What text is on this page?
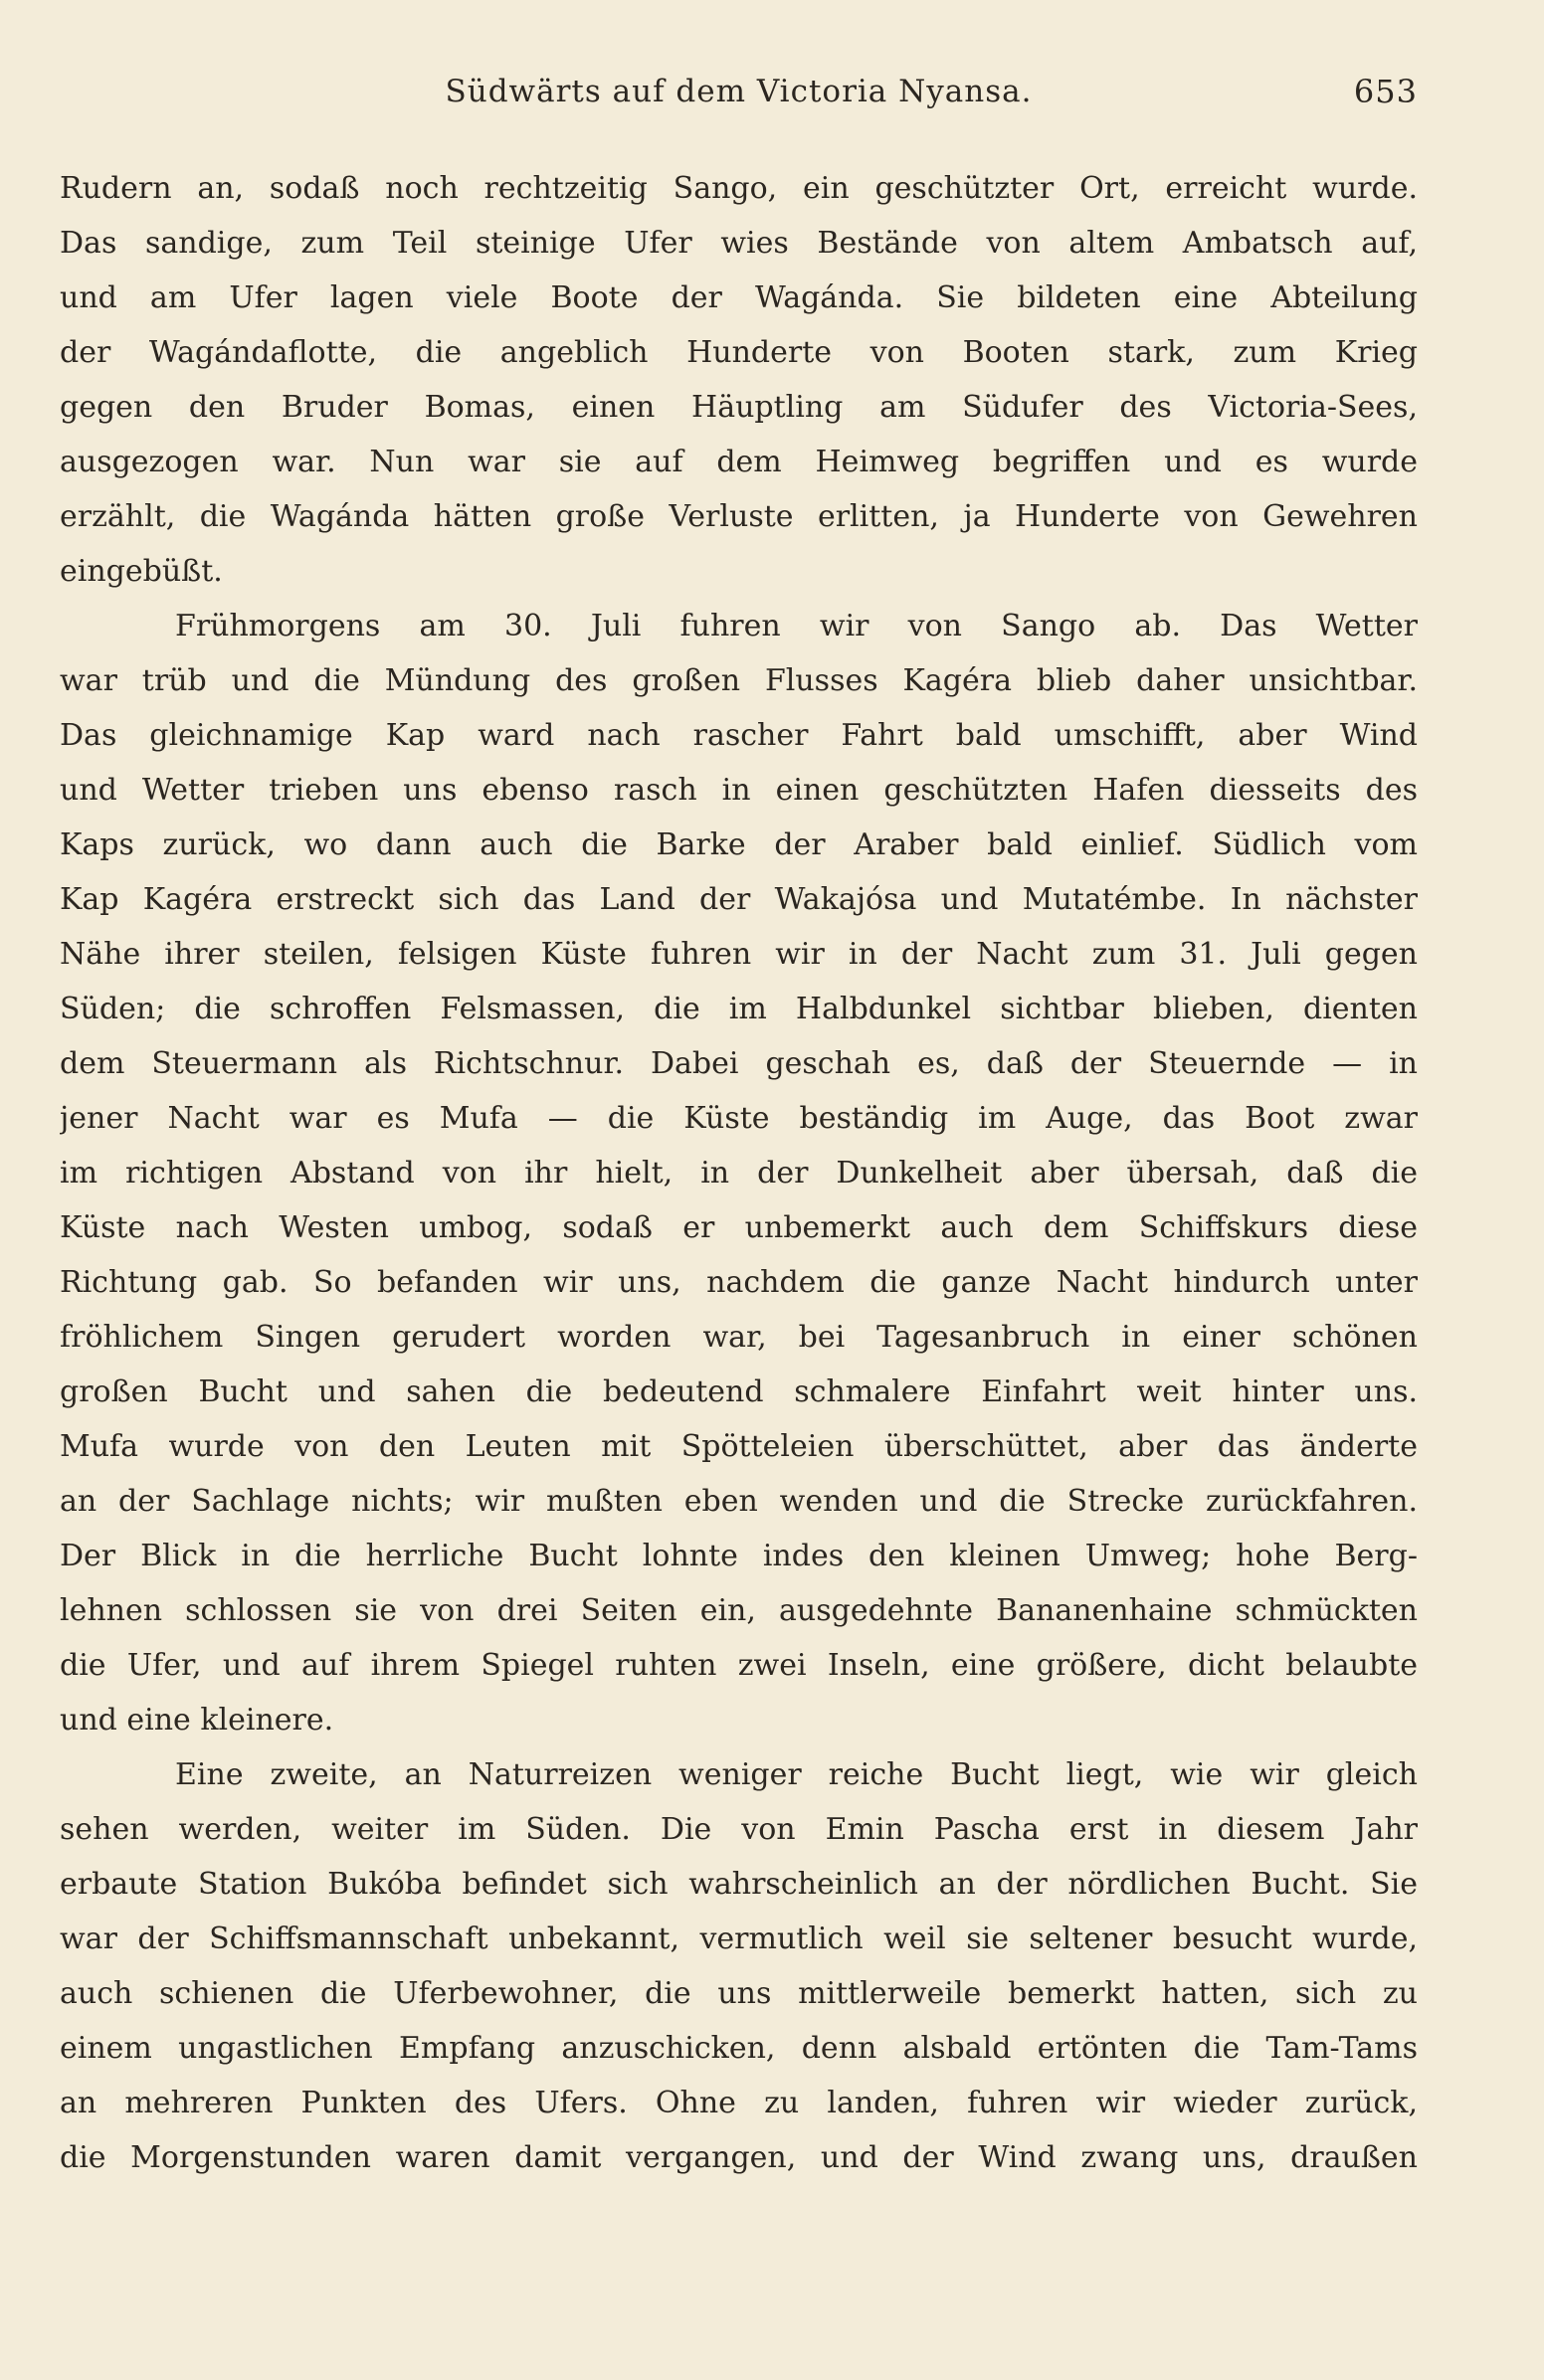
Südwärts auf dem Victoria Nyansa.	653
Rudern an, sodaß noch rechtzeitig Sango, ein geschützter Ort, erreicht wurde.
Das sandige, zum Teil steinige Ufer wies Bestände von altem Ambatsch auf,
und am Ufer lagen viele Boote der Wagánda. Sie bildeten eine Abteilung
der Wagándaflotte, die angeblich Hunderte von Booten stark, zum Krieg
gegen den Bruder Bomas, einen Häuptling am Südufer des Victoria-Sees,
ausgezogen war. Nun war sie auf dem Heimweg begriffen und es wurde
erzählt, die Wagánda hätten große Verluste erlitten, ja Hunderte von Gewehren
eingebüßt.
Frühmorgens am 30. Juli fuhren wir von Sango ab. Das Wetter
war trüb und die Mündung des großen Flusses Kagéra blieb daher unsichtbar.
Das gleichnamige Kap ward nach rascher Fahrt bald umschifft, aber Wind
und Wetter trieben uns ebenso rasch in einen geschützten Hafen diesseits des
Kaps zurück, wo dann auch die Barke der Araber bald einlief. Südlich vom
Kap Kagéra erstreckt sich das Land der Wakajósa und Mutatémbe. In nächster
Nähe ihrer steilen, felsigen Küste fuhren wir in der Nacht zum 31. Juli gegen
Süden; die schroffen Felsmassen, die im Halbdunkel sichtbar blieben, dienten
dem Steuermann als Richtschnur. Dabei geschah es, daß der Steuernde — in
jener Nacht war es Mufa — die Küste beständig im Auge, das Boot zwar
im richtigen Abstand von ihr hielt, in der Dunkelheit aber übersah, daß die
Küste nach Westen umbog, sodaß er unbemerkt auch dem Schiffskurs diese
Richtung gab. So befanden wir uns, nachdem die ganze Nacht hindurch unter
fröhlichem Singen gerudert worden war, bei Tagesanbruch in einer schönen
großen Bucht und sahen die bedeutend schmalere Einfahrt weit hinter uns.
Mufa wurde von den Leuten mit Spötteleien überschüttet, aber das änderte
an der Sachlage nichts; wir mußten eben wenden und die Strecke zurückfahren.
Der Blick in die herrliche Bucht lohnte indes den kleinen Umweg; hohe Berg-
lehnen schlossen sie von drei Seiten ein, ausgedehnte Bananenhaine schmückten
die Ufer, und auf ihrem Spiegel ruhten zwei Inseln, eine größere, dicht belaubte
und eine kleinere.
Eine zweite, an Naturreizen weniger reiche Bucht liegt, wie wir gleich
sehen werden, weiter im Süden. Die von Emin Pascha erst in diesem Jahr
erbaute Station Bukóba befindet sich wahrscheinlich an der nördlichen Bucht. Sie
war der Schiffsmannschaft unbekannt, vermutlich weil sie seltener besucht wurde,
auch schienen die Uferbewohner, die uns mittlerweile bemerkt hatten, sich zu
einem ungastlichen Empfang anzuschicken, denn alsbald ertönten die Tam-Tams
an mehreren Punkten des Ufers. Ohne zu landen, fuhren wir wieder zurück,
die Morgenstunden waren damit vergangen, und der Wind zwang uns, draußen
